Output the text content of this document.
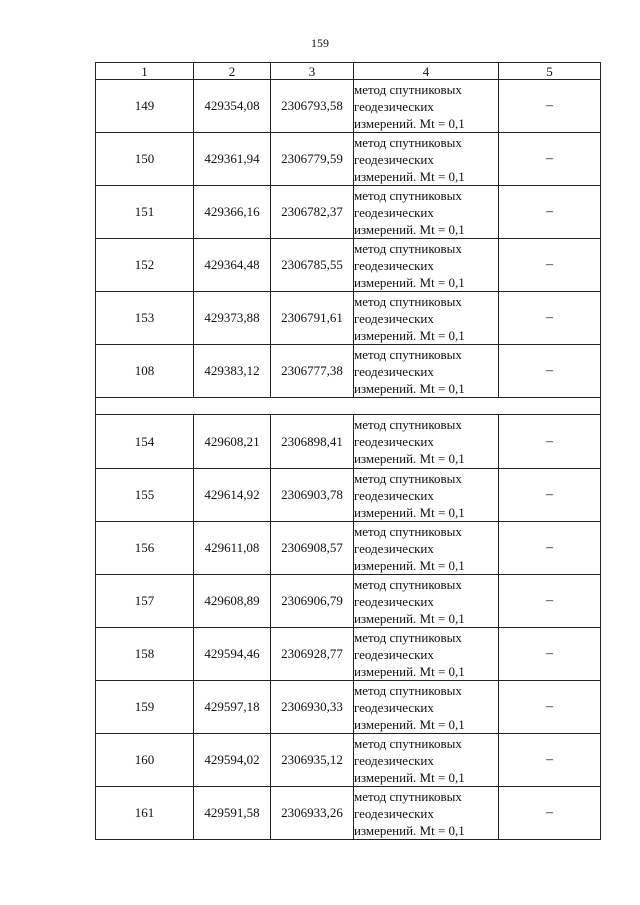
159
1	2	3	4	5
149	429354,08	2306793,58	метод спутниковых
геодезических
измерений. Mt = 0,1	–
150	429361,94	2306779,59	метод спутниковых
геодезических
измерений. Mt = 0,1	–
151	429366,16	2306782,37	метод спутниковых
геодезических
измерений. Mt = 0,1	–
152	429364,48	2306785,55	метод спутниковых
геодезических
измерений. Mt = 0,1	–
153	429373,88	2306791,61	метод спутниковых
геодезических
измерений. Mt = 0,1	–
108	429383,12	2306777,38	метод спутниковых
геодезических
измерений. Mt = 0,1	–

154	429608,21	2306898,41	метод спутниковых
геодезических
измерений. Mt = 0,1	–
155	429614,92	2306903,78	метод спутниковых
геодезических
измерений. Mt = 0,1	–
156	429611,08	2306908,57	метод спутниковых
геодезических
измерений. Mt = 0,1	–
157	429608,89	2306906,79	метод спутниковых
геодезических
измерений. Mt = 0,1	–
158	429594,46	2306928,77	метод спутниковых
геодезических
измерений. Mt = 0,1	–
159	429597,18	2306930,33	метод спутниковых
геодезических
измерений. Mt = 0,1	–
160	429594,02	2306935,12	метод спутниковых
геодезических
измерений. Mt = 0,1	–
161	429591,58	2306933,26	метод спутниковых
геодезических
измерений. Mt = 0,1	–
